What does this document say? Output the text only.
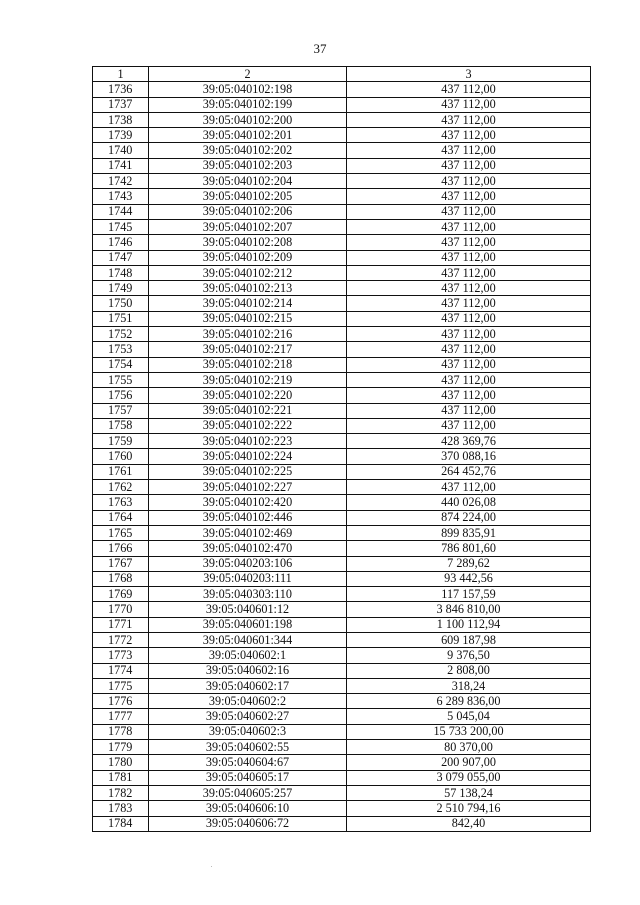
37
1	2	3
1736	39:05:040102:198	437 112,00
1737	39:05:040102:199	437 112,00
1738	39:05:040102:200	437 112,00
1739	39:05:040102:201	437 112,00
1740	39:05:040102:202	437 112,00
1741	39:05:040102:203	437 112,00
1742	39:05:040102:204	437 112,00
1743	39:05:040102:205	437 112,00
1744	39:05:040102:206	437 112,00
1745	39:05:040102:207	437 112,00
1746	39:05:040102:208	437 112,00
1747	39:05:040102:209	437 112,00
1748	39:05:040102:212	437 112,00
1749	39:05:040102:213	437 112,00
1750	39:05:040102:214	437 112,00
1751	39:05:040102:215	437 112,00
1752	39:05:040102:216	437 112,00
1753	39:05:040102:217	437 112,00
1754	39:05:040102:218	437 112,00
1755	39:05:040102:219	437 112,00
1756	39:05:040102:220	437 112,00
1757	39:05:040102:221	437 112,00
1758	39:05:040102:222	437 112,00
1759	39:05:040102:223	428 369,76
1760	39:05:040102:224	370 088,16
1761	39:05:040102:225	264 452,76
1762	39:05:040102:227	437 112,00
1763	39:05:040102:420	440 026,08
1764	39:05:040102:446	874 224,00
1765	39:05:040102:469	899 835,91
1766	39:05:040102:470	786 801,60
1767	39:05:040203:106	7 289,62
1768	39:05:040203:111	93 442,56
1769	39:05:040303:110	117 157,59
1770	39:05:040601:12	3 846 810,00
1771	39:05:040601:198	1 100 112,94
1772	39:05:040601:344	609 187,98
1773	39:05:040602:1	9 376,50
1774	39:05:040602:16	2 808,00
1775	39:05:040602:17	318,24
1776	39:05:040602:2	6 289 836,00
1777	39:05:040602:27	5 045,04
1778	39:05:040602:3	15 733 200,00
1779	39:05:040602:55	80 370,00
1780	39:05:040604:67	200 907,00
1781	39:05:040605:17	3 079 055,00
1782	39:05:040605:257	57 138,24
1783	39:05:040606:10	2 510 794,16
1784	39:05:040606:72	842,40
